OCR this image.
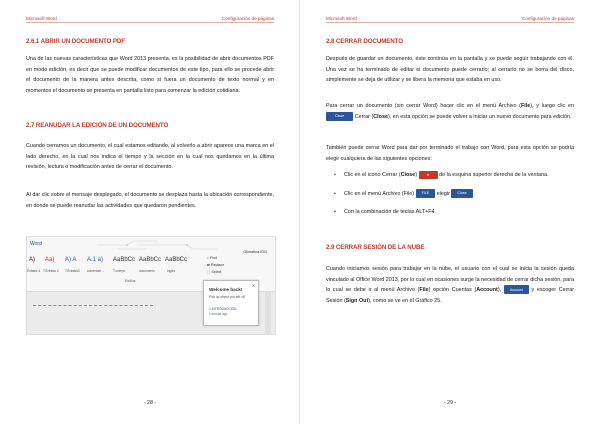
Microsoft Word	Configuración de páginas
2.6.1 ABRIR UN DOCUMENTO PDF
Una de las nuevas características que Word 2013 presenta, es la posibilidad de abrir documentos PDF en modo edición, es decir que se puede modificar documentos de este tipo, para ello se procede abrir el documento de la manera antes descrita, como si fuera un documento de texto normal y en momentos el documento se presenta en pantalla listo para comenzar la edición cotidiana.
2.7 REANUDAR LA EDICIÓN DE UN DOCUMENTO
Cuando cerramos un documento, el cual estamos editando, al volverlo a abrir aparece una marca en el lado derecho, en la cual nos indica el tiempo y la sección en la cual nos quedamos en la última revisión, lectura o modificación antes de cerrar el documento.
Al dar clic sobre el mensaje desplegado, el documento se desplaza hasta la ubicación correspondiente, en donde se puede reanudar las actividades que quedaron pendientes.
Word
Olimatica IDG
A)
Énfasis 4
Aa)
T.Énfasis 2
A) A
T.Énfasis3
A.1 a)
comentari...
AaBbCc
T.cuerpo
AaBbCc
documento
AaBbCc
inglés
⌕ Find
⇄ Replace
⬚ Select
Estilos
✕
Welcome back!
Pick up where you left off:
1 INTRODUCCIÓN
1 minute ago
- 28 -
Microsoft Word	Configuración de páginas
2.8 CERRAR DOCUMENTO
Después de guardar un documento, éste continúa en la pantalla y se puede seguir trabajando con él. Una vez se ha terminado de editar el documento puede cerrarlo; al cerrarlo no se borra del disco, simplemente se deja de utilizar y se libera la memoria que estaba en uso.
Para cerrar un documento (sin cerrar Word) hacer clic en el menú Archivo (File), y luego clic en Close Cerrar (Close), en esta opción se puede volver a iniciar un nuevo documento para edición.
También puede cerrar Word para dar por terminado el trabajo con Word, para esta opción se podría elegir cualquiera de las siguientes opciones:
• Clic en el icono Cerrar (Close) ✕ de la esquina superior derecha de la ventana.
• Clic en el menú Archivo (File) FILE elegir Close
• Con la combinación de teclas ALT+F4.
2.9 CERRAR SESIÓN DE LA NUBE
Cuando iniciamos sesión para trabajar en la nube, el usuario con el cual se inicia la sesión queda vinculado al Office Word 2013, por lo cual en ocasiones surge la necesidad de cerrar dicha sesión, para lo cual se debe ir al menú Archivo (File) opción Cuentas (Account), Account y escoger Cerrar Sesión (Sign Out), como se ve en el Gráfico 25.
- 29 -
